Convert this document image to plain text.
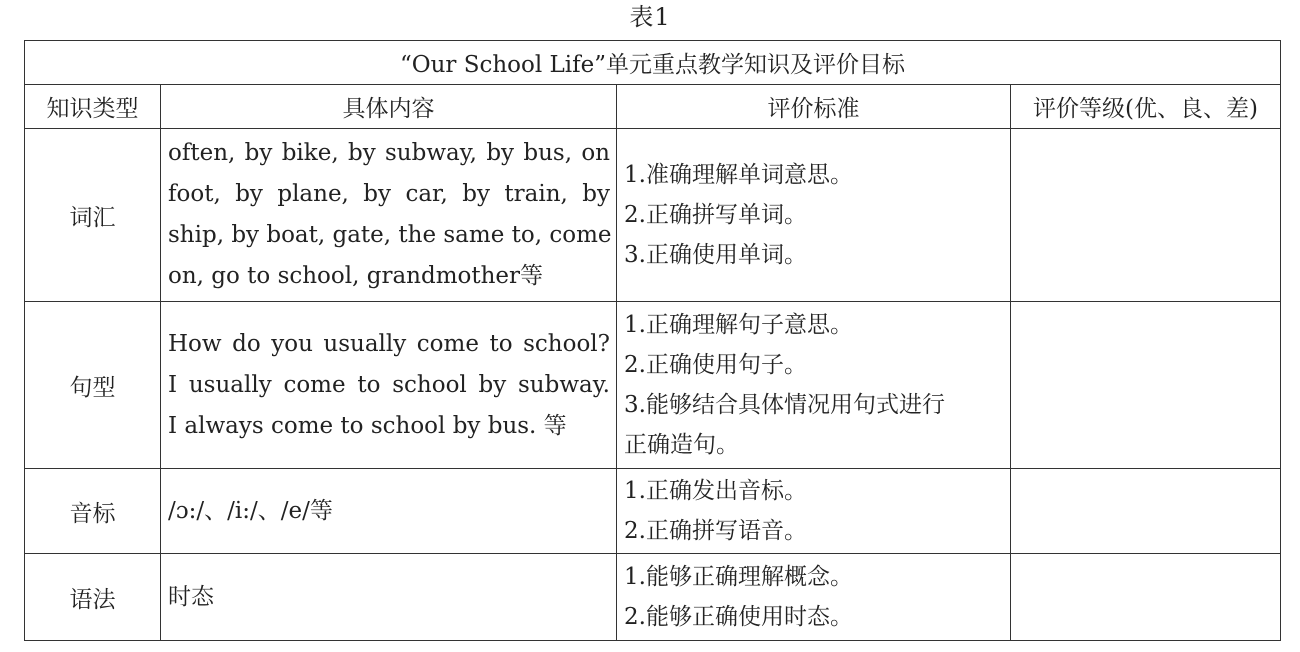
表1
“Our School Life”单元重点教学知识及评价目标			
知识类型	具体内容	评价标准	评价等级(优、良、差)
词汇	often, by bike, by subway, by bus, on
foot, by plane, by car, by train, by
ship, by boat, gate, the same to, come
on, go to school, grandmother等	1.准确理解单词意思。
2.正确拼写单词。
3.正确使用单词。	

句型	How do you usually come to school?
I usually come to school by subway.
I always come to school by bus. 等	1.正确理解句子意思。
2.正确使用句子。
3.能够结合具体情况用句式进行
正确造句。	

音标	/ɔ:/、/i:/、/e/等	1.正确发出音标。
2.正确拼写语音。	

语法	时态	1.能够正确理解概念。
2.能够正确使用时态。	
